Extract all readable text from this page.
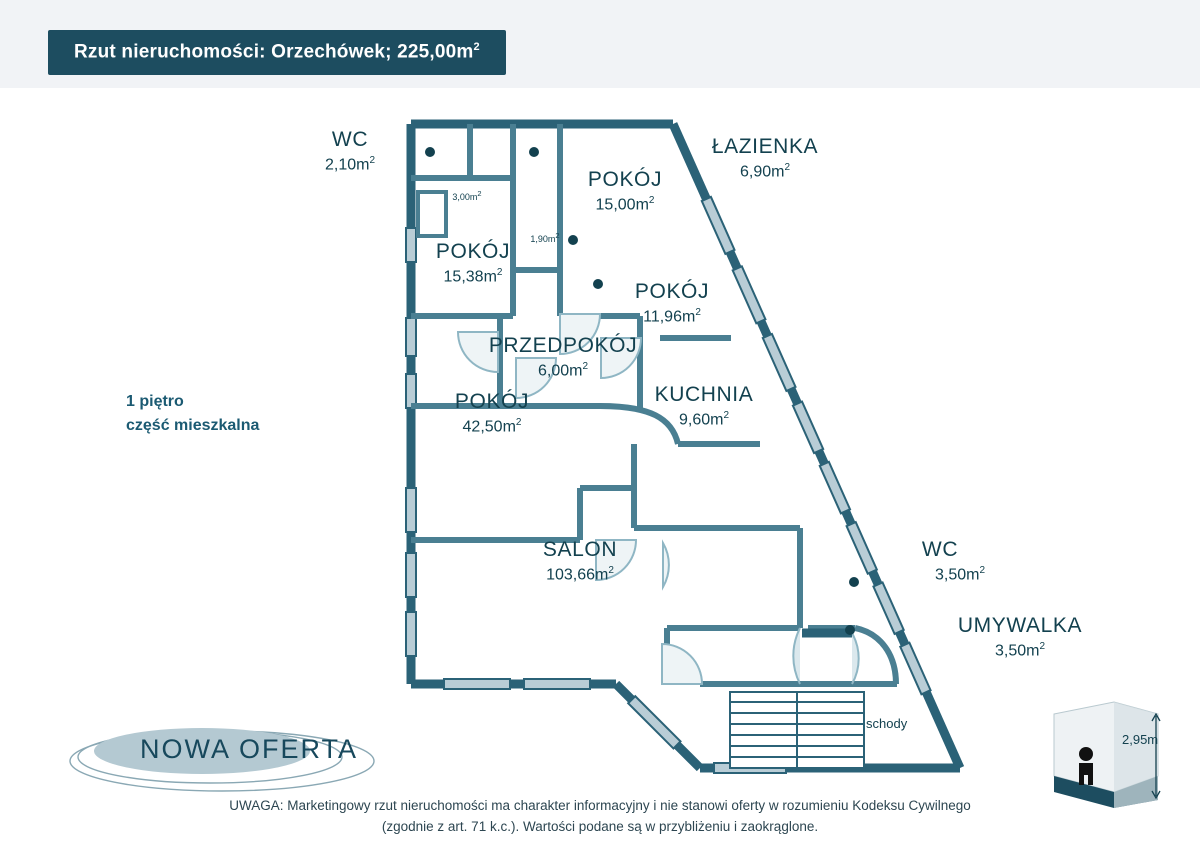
Rzut nieruchomości: Orzechówek; $225,00m^2$
1 piętro
część mieszkalna
WC
$2,10m^2$
ŁAZIENKA
$6,90m^2$
POKÓJ
$15,00m^2$
POKÓJ
$15,38m^2$
POKÓJ
$11,96m^2$
PRZEDPOKÓJ
$6,00m^2$
POKÓJ
$42,50m^2$
KUCHNIA
$9,60m^2$
SALON
$103,66m^2$
WC
$3,50m^2$
UMYWALKA
$3,50m^2$
$3,00m^2$
$1,90m^2$
schody
NOWA OFERTA	2,95m
UWAGA: Marketingowy rzut nieruchomości ma charakter informacyjny i nie stanowi oferty w rozumieniu Kodeksu Cywilnego
(zgodnie z art. 71 k.c.). Wartości podane są w przybliżeniu i zaokrąglone.
